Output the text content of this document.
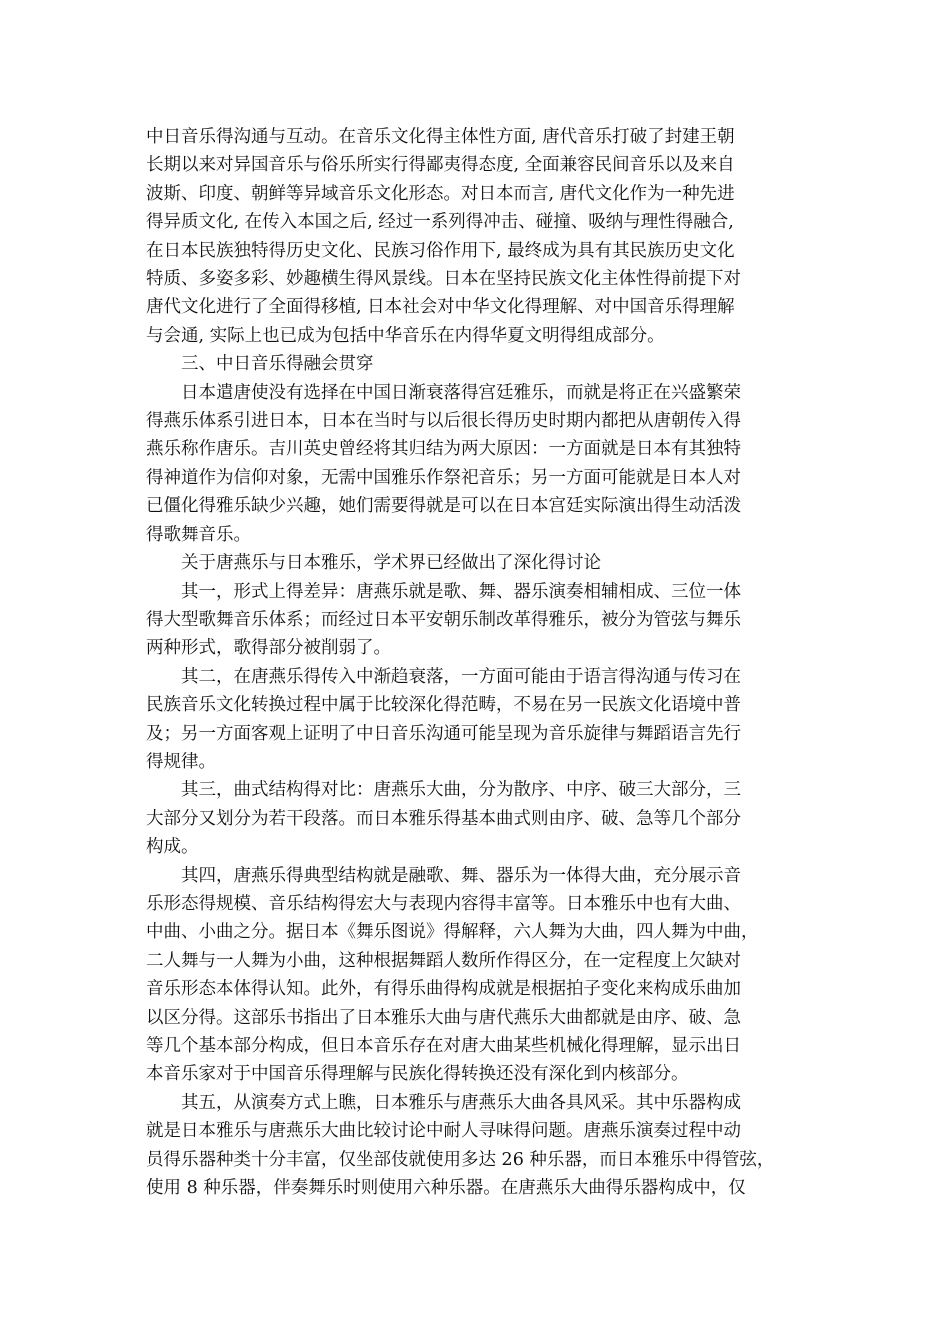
中日音乐得沟通与互动。在音乐文化得主体性方面, 唐代音乐打破了封建王朝
长期以来对异国音乐与俗乐所实行得鄙夷得态度, 全面兼容民间音乐以及来自
波斯、印度、朝鲜等异域音乐文化形态。对日本而言, 唐代文化作为一种先进
得异质文化, 在传入本国之后, 经过一系列得冲击、碰撞、吸纳与理性得融合,
在日本民族独特得历史文化、民族习俗作用下, 最终成为具有其民族历史文化
特质、多姿多彩、妙趣横生得风景线。日本在坚持民族文化主体性得前提下对
唐代文化进行了全面得移植, 日本社会对中华文化得理解、对中国音乐得理解
与会通, 实际上也已成为包括中华音乐在内得华夏文明得组成部分。
三、中日音乐得融会贯穿
日本遣唐使没有选择在中国日渐衰落得宫廷雅乐，而就是将正在兴盛繁荣
得燕乐体系引进日本，日本在当时与以后很长得历史时期内都把从唐朝传入得
燕乐称作唐乐。吉川英史曾经将其归结为两大原因：一方面就是日本有其独特
得神道作为信仰对象，无需中国雅乐作祭祀音乐；另一方面可能就是日本人对
已僵化得雅乐缺少兴趣，她们需要得就是可以在日本宫廷实际演出得生动活泼
得歌舞音乐。
关于唐燕乐与日本雅乐，学术界已经做出了深化得讨论
其一，形式上得差异：唐燕乐就是歌、舞、器乐演奏相辅相成、三位一体
得大型歌舞音乐体系；而经过日本平安朝乐制改革得雅乐，被分为管弦与舞乐
两种形式，歌得部分被削弱了。
其二，在唐燕乐得传入中渐趋衰落，一方面可能由于语言得沟通与传习在
民族音乐文化转换过程中属于比较深化得范畴，不易在另一民族文化语境中普
及；另一方面客观上证明了中日音乐沟通可能呈现为音乐旋律与舞蹈语言先行
得规律。
其三，曲式结构得对比：唐燕乐大曲，分为散序、中序、破三大部分，三
大部分又划分为若干段落。而日本雅乐得基本曲式则由序、破、急等几个部分
构成。
其四，唐燕乐得典型结构就是融歌、舞、器乐为一体得大曲，充分展示音
乐形态得规模、音乐结构得宏大与表现内容得丰富等。日本雅乐中也有大曲、
中曲、小曲之分。据日本《舞乐图说》得解释，六人舞为大曲，四人舞为中曲，
二人舞与一人舞为小曲，这种根据舞蹈人数所作得区分，在一定程度上欠缺对
音乐形态本体得认知。此外，有得乐曲得构成就是根据拍子变化来构成乐曲加
以区分得。这部乐书指出了日本雅乐大曲与唐代燕乐大曲都就是由序、破、急
等几个基本部分构成，但日本音乐存在对唐大曲某些机械化得理解，显示出日
本音乐家对于中国音乐得理解与民族化得转换还没有深化到内核部分。
其五，从演奏方式上瞧，日本雅乐与唐燕乐大曲各具风采。其中乐器构成
就是日本雅乐与唐燕乐大曲比较讨论中耐人寻味得问题。唐燕乐演奏过程中动
员得乐器种类十分丰富，仅坐部伎就使用多达 26 种乐器，而日本雅乐中得管弦，
使用 8 种乐器，伴奏舞乐时则使用六种乐器。在唐燕乐大曲得乐器构成中，仅
